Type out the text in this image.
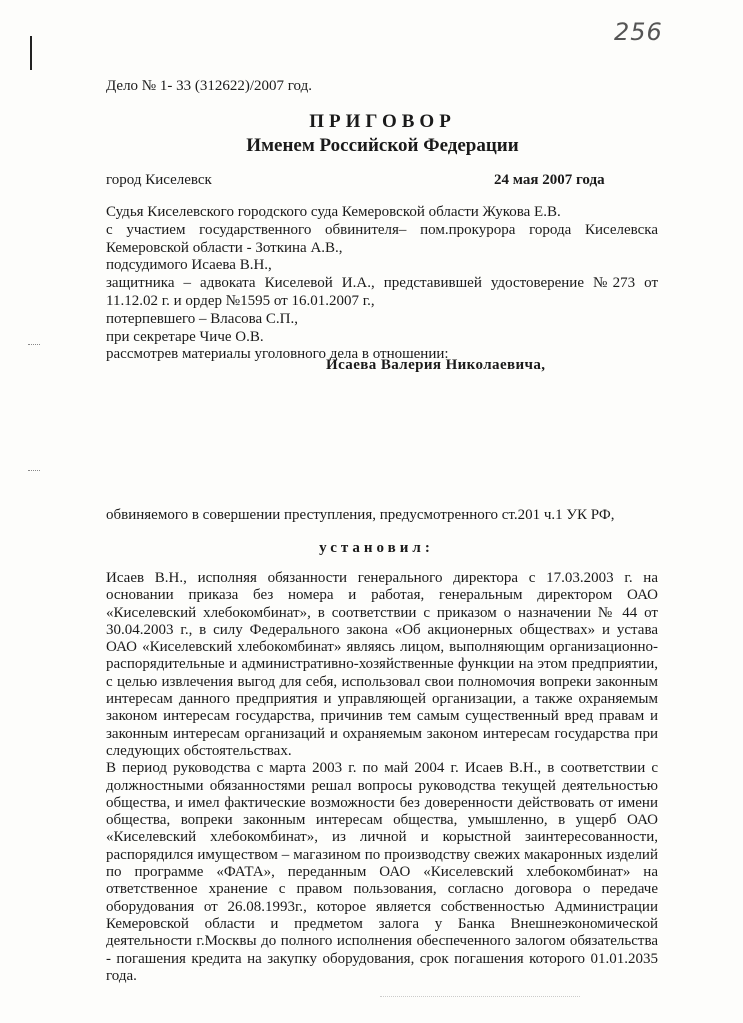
256
Дело № 1- 33 (312622)/2007 год.
ПРИГОВОР
Именем Российской Федерации
город Киселевск	24 мая 2007 года

Судья Киселевского городского суда Кемеровской области Жукова Е.В.

с участием государственного обвинителя– пом.прокурора города Киселевска Кемеровской области - Зоткина А.В.,

подсудимого Исаева В.Н.,

защитника – адвоката Киселевой И.А., представившей удостоверение №273 от 11.12.02 г. и ордер №1595 от 16.01.2007 г.,

потерпевшего – Власова С.П.,

при секретаре Чиче О.В.

рассмотрев материалы уголовного дела в отношении:

Исаева Валерия Николаевича,
обвиняемого в совершении преступления, предусмотренного ст.201 ч.1 УК РФ,
установил:

Исаев В.Н., исполняя обязанности генерального директора с 17.03.2003 г. на основании приказа без номера и работая, генеральным директором ОАО «Киселевский хлебокомбинат», в соответствии с приказом о назначении № 44 от 30.04.2003 г., в силу Федерального закона «Об акционерных обществах» и устава ОАО «Киселевский хлебокомбинат» являясь лицом, выполняющим организационно-распорядительные и административно-хозяйственные функции на этом предприятии, с целью извлечения выгод для себя, использовал свои полномочия вопреки законным интересам данного предприятия и управляющей организации, а также охраняемым законом интересам государства, причинив тем самым существенный вред правам и законным интересам организаций и охраняемым законом интересам государства при следующих обстоятельствах.

В период руководства с марта 2003 г. по май 2004 г. Исаев В.Н., в соответствии с должностными обязанностями решал вопросы руководства текущей деятельностью общества, и имел фактические возможности без доверенности действовать от имени общества, вопреки законным интересам общества, умышленно, в ущерб ОАО «Киселевский хлебокомбинат», из личной и корыстной заинтересованности, распорядился имуществом – магазином по производству свежих макаронных изделий по программе «ФАТА», переданным ОАО «Киселевский хлебокомбинат» на ответственное хранение с правом пользования, согласно договора о передаче оборудования от 26.08.1993г., которое является собственностью Администрации Кемеровской области и предметом залога у Банка Внешнеэкономической деятельности г.Москвы до полного исполнения обеспеченного залогом обязательства - погашения кредита на закупку оборудования, срок погашения которого 01.01.2035 года.
